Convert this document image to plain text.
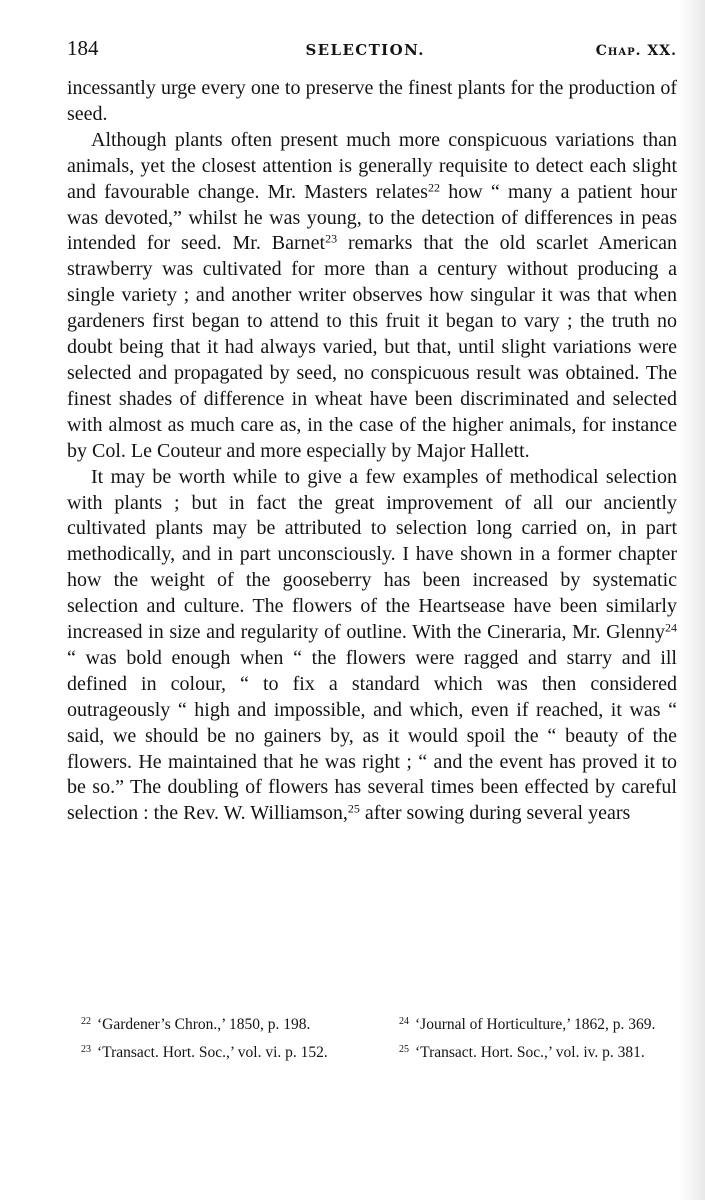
184	SELECTION.	Chap. XX.

incessantly urge every one to preserve the finest plants for the production of seed.

Although plants often present much more conspicuous variations than animals, yet the closest attention is generally requisite to detect each slight and favourable change. Mr. Masters relates$^{22}$ how “ many a patient hour was devoted,” whilst he was young, to the detection of differences in peas intended for seed. Mr. Barnet$^{23}$ remarks that the old scarlet American strawberry was cultivated for more than a century without producing a single variety ; and another writer observes how singular it was that when gardeners first began to attend to this fruit it began to vary ; the truth no doubt being that it had always varied, but that, until slight variations were selected and propagated by seed, no conspicuous result was obtained. The finest shades of difference in wheat have been discriminated and selected with almost as much care as, in the case of the higher animals, for instance by Col. Le Couteur and more especially by Major Hallett.

It may be worth while to give a few examples of methodical selection with plants ; but in fact the great improvement of all our anciently cultivated plants may be attributed to selection long carried on, in part methodically, and in part unconsciously. I have shown in a former chapter how the weight of the gooseberry has been increased by systematic selection and culture. The flowers of the Heartsease have been similarly increased in size and regularity of outline. With the Cineraria, Mr. Glenny$^{24}$ “ was bold enough when “ the flowers were ragged and starry and ill defined in colour, “ to fix a standard which was then considered outrageously “ high and impossible, and which, even if reached, it was “ said, we should be no gainers by, as it would spoil the “ beauty of the flowers. He maintained that he was right ; “ and the event has proved it to be so.” The doubling of flowers has several times been effected by careful selection : the Rev. W. Williamson,$^{25}$ after sowing during several years

$^{22}$ ‘Gardener’s Chron.,’ 1850, p. 198.
$^{23}$ ‘Transact. Hort. Soc.,’ vol. vi. p. 152.
$^{24}$ ‘Journal of Horticulture,’ 1862, p. 369.
$^{25}$ ‘Transact. Hort. Soc.,’ vol. iv. p. 381.
